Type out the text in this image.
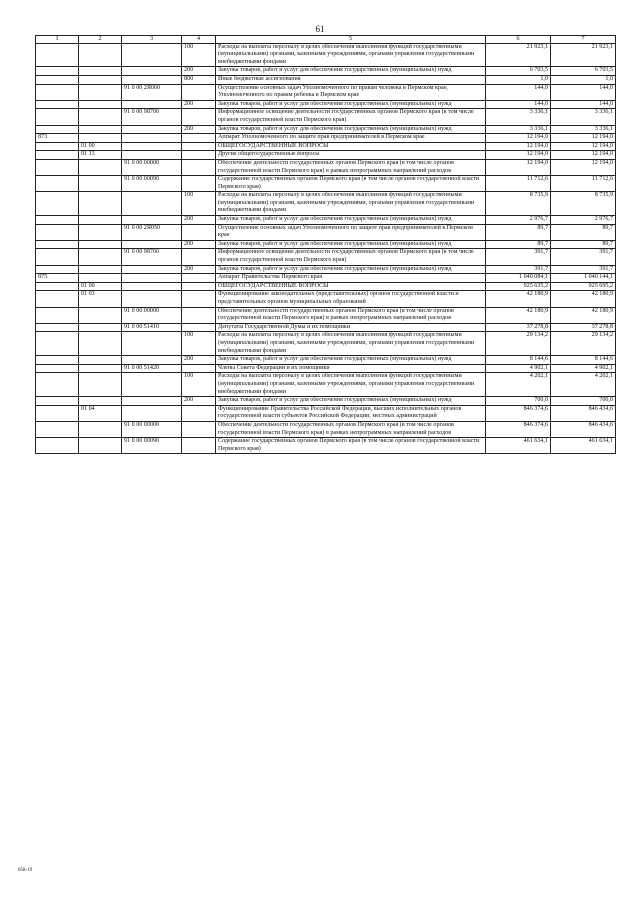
61
1	2	3	4	5	6	7
			100	Расходы на выплаты персоналу в целях обеспечения выполнения функций государственными (муниципальными) органами, казенными учреждениями, органами управления государственными внебюджетными фондами	21 923,1	21 923,1
			200	Закупка товаров, работ и услуг для обеспечения государственных (муниципальных) нужд	6 703,5	6 703,5
			800	Иные бюджетные ассигнования	1,0	1,0
		91 0 00 2Я060		Осуществление основных задач Уполномоченного по правам человека в Пермском крае, Уполномоченного по правам ребенка в Пермском крае	144,0	144,0
			200	Закупка товаров, работ и услуг для обеспечения государственных (муниципальных) нужд	144,0	144,0
		91 0 00 98700		Информационное освещение деятельности государственных органов Пермского края (в том числе органов государственной власти Пермского края)	3 336,1	3 336,1
			200	Закупка товаров, работ и услуг для обеспечения государственных (муниципальных) нужд	3 336,1	3 336,1
873				Аппарат Уполномоченного по защите прав предпринимателей в Пермском крае	12 194,0	12 194,0
	01 00			ОБЩЕГОСУДАРСТВЕННЫЕ ВОПРОСЫ	12 194,0	12 194,0
	01 13			Другие общегосударственные вопросы	12 194,0	12 194,0
		91 0 00 00000		Обеспечение деятельности государственных органов Пермского края (в том числе органов государственной власти Пермского края) в рамках непрограммных направлений расходов	12 194,0	12 194,0
		91 0 00 00090		Содержание государственных органов Пермского края (в том числе органов государственной власти Пермского края)	11 712,6	11 712,6
			100	Расходы на выплаты персоналу в целях обеспечения выполнения функций государственными (муниципальными) органами, казенными учреждениями, органами управления государственными внебюджетными фондами	8 735,9	8 735,9
			200	Закупка товаров, работ и услуг для обеспечения государственных (муниципальных) нужд	2 976,7	2 976,7
		91 0 00 2Я050		Осуществление основных задач Уполномоченного по защите прав предпринимателей в Пермском крае	89,7	89,7
			200	Закупка товаров, работ и услуг для обеспечения государственных (муниципальных) нужд	89,7	89,7
		91 0 00 98700		Информационное освещение деятельности государственных органов Пермского края (в том числе органов государственной власти Пермского края)	391,7	391,7
			200	Закупка товаров, работ и услуг для обеспечения государственных (муниципальных) нужд	391,7	391,7
875				Аппарат Правительства Пермского края	1 040 084,1	1 040 144,1
	01 00			ОБЩЕГОСУДАРСТВЕННЫЕ ВОПРОСЫ	925 635,2	925 695,2
	01 03			Функционирование законодательных (представительных) органов государственной власти и представительных органов муниципальных образований	42 180,9	42 180,9
		91 0 00 00000		Обеспечение деятельности государственных органов Пермского края (в том числе органов государственной власти Пермского края) в рамках непрограммных направлений расходов	42 180,9	42 180,9
		91 0 00 51410		Депутаты Государственной Думы и их помощники	37 278,8	37 278,8
			100	Расходы на выплаты персоналу в целях обеспечения выполнения функций государственными (муниципальными) органами, казенными учреждениями, органами управления государственными внебюджетными фондами	29 134,2	29 134,2
			200	Закупка товаров, работ и услуг для обеспечения государственных (муниципальных) нужд	8 144,6	8 144,6
		91 0 00 51420		Члены Совета Федерации и их помощники	4 902,1	4 902,1
			100	Расходы на выплаты персоналу в целях обеспечения выполнения функций государственными (муниципальными) органами, казенными учреждениями, органами управления государственными внебюджетными фондами	4 202,1	4 202,1
			200	Закупка товаров, работ и услуг для обеспечения государственных (муниципальных) нужд	700,0	700,0
	01 04			Функционирование Правительства Российской Федерации, высших исполнительных органов государственной власти субъектов Российской Федерации, местных администраций	846 374,6	846 434,6
		91 0 00 00000		Обеспечение деятельности государственных органов Пермского края (в том числе органов государственной власти Пермского края) в рамках непрограммных направлений расходов	846 374,6	846 434,6
		91 0 00 00090		Содержание государственных органов Пермского края (в том числе органов государственной власти Пермского края)	461 634,1	461 634,1
058-19
